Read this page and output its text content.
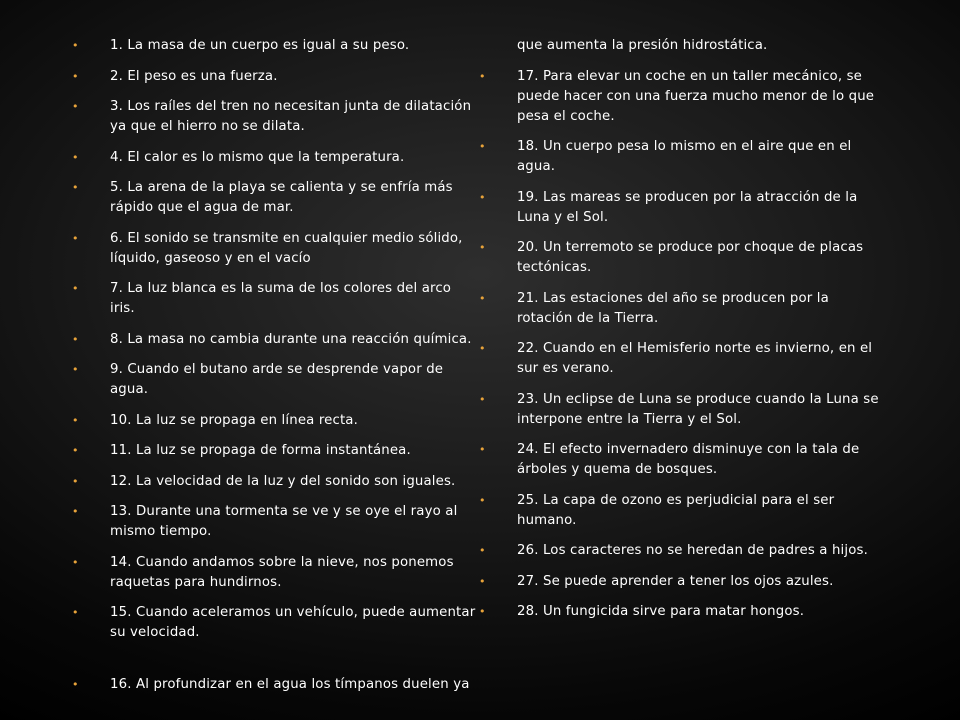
• 1. La masa de un cuerpo es igual a su peso.
• 2. El peso es una fuerza.
• 3. Los raíles del tren no necesitan junta de dilatación ya que el hierro no se dilata.
• 4. El calor es lo mismo que la temperatura.
• 5. La arena de la playa se calienta y se enfría más rápido que el agua de mar.
• 6. El sonido se transmite en cualquier medio sólido, líquido, gaseoso y en el vacío
• 7. La luz blanca es la suma de los colores del arco iris.
• 8. La masa no cambia durante una reacción química.
• 9. Cuando el butano arde se desprende vapor de agua.
• 10. La luz se propaga en línea recta.
• 11. La luz se propaga de forma instantánea.
• 12. La velocidad de la luz y del sonido son iguales.
• 13. Durante una tormenta se ve y se oye el rayo al mismo tiempo.
• 14. Cuando andamos sobre la nieve, nos ponemos raquetas para hundirnos.
• 15. Cuando aceleramos un vehículo, puede aumentar su velocidad.
• 16. Al profundizar en el agua los tímpanos duelen ya
que aumenta la presión hidrostática.
• 17. Para elevar un coche en un taller mecánico, se puede hacer con una fuerza mucho menor de lo que pesa el coche.
• 18. Un cuerpo pesa lo mismo en el aire que en el agua.
• 19. Las mareas se producen por la atracción de la Luna y el Sol.
• 20. Un terremoto se produce por choque de placas tectónicas.
• 21. Las estaciones del año se producen por la rotación de la Tierra.
• 22. Cuando en el Hemisferio norte es invierno, en el sur es verano.
• 23. Un eclipse de Luna se produce cuando la Luna se interpone entre la Tierra y el Sol.
• 24. El efecto invernadero disminuye con la tala de árboles y quema de bosques.
• 25. La capa de ozono es perjudicial para el ser humano.
• 26. Los caracteres no se heredan de padres a hijos.
• 27. Se puede aprender a tener los ojos azules.
• 28. Un fungicida sirve para matar hongos.
